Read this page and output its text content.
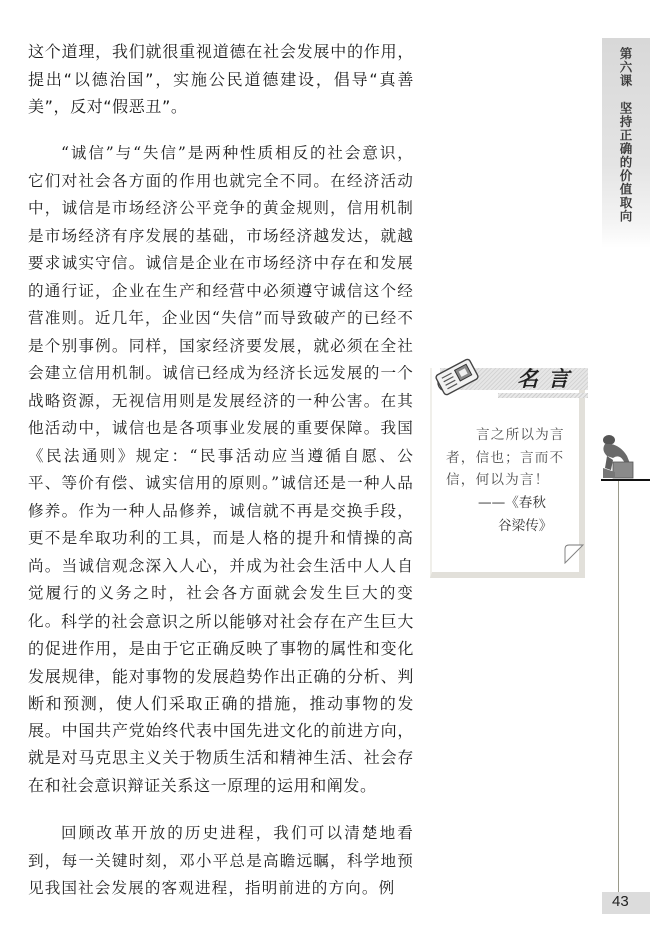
这个道理，我们就很重视道德在社会发展中的作用，提出“以德治国”，实施公民道德建设，倡导“真善美”，反对“假恶丑”。
“诚信”与“失信”是两种性质相反的社会意识，它们对社会各方面的作用也就完全不同。在经济活动中，诚信是市场经济公平竞争的黄金规则，信用机制是市场经济有序发展的基础，市场经济越发达，就越要求诚实守信。诚信是企业在市场经济中存在和发展的通行证，企业在生产和经营中必须遵守诚信这个经营准则。近几年，企业因“失信”而导致破产的已经不是个别事例。同样，国家经济要发展，就必须在全社会建立信用机制。诚信已经成为经济长远发展的一个战略资源，无视信用则是发展经济的一种公害。在其他活动中，诚信也是各项事业发展的重要保障。我国《民法通则》规定：“民事活动应当遵循自愿、公平、等价有偿、诚实信用的原则。”诚信还是一种人品修养。作为一种人品修养，诚信就不再是交换手段，更不是牟取功利的工具，而是人格的提升和情操的高尚。当诚信观念深入人心，并成为社会生活中人人自觉履行的义务之时，社会各方面就会发生巨大的变化。 科学的社会意识之所以能够对社会存在产生巨大的促进作用，是由于它正确反映了事物的属性和变化发展规律，能对事物的发展趋势作出正确的分析、判断和预测，使人们采取正确的措施，推动事物的发展。中国共产党始终代表中国先进文化的前进方向，就是对马克思主义关于物质生活和精神生活、社会存在和社会意识辩证关系这一原理的运用和阐发。
回顾改革开放的历史进程，我们可以清楚地看到，每一关键时刻，邓小平总是高瞻远瞩，科学地预见我国社会发展的客观进程，指明前进的方向。例
第六课坚持正确的价值取向
名言
言之所以为言者，信也；言而不信，何以为言！
——《春秋
谷梁传》
43
